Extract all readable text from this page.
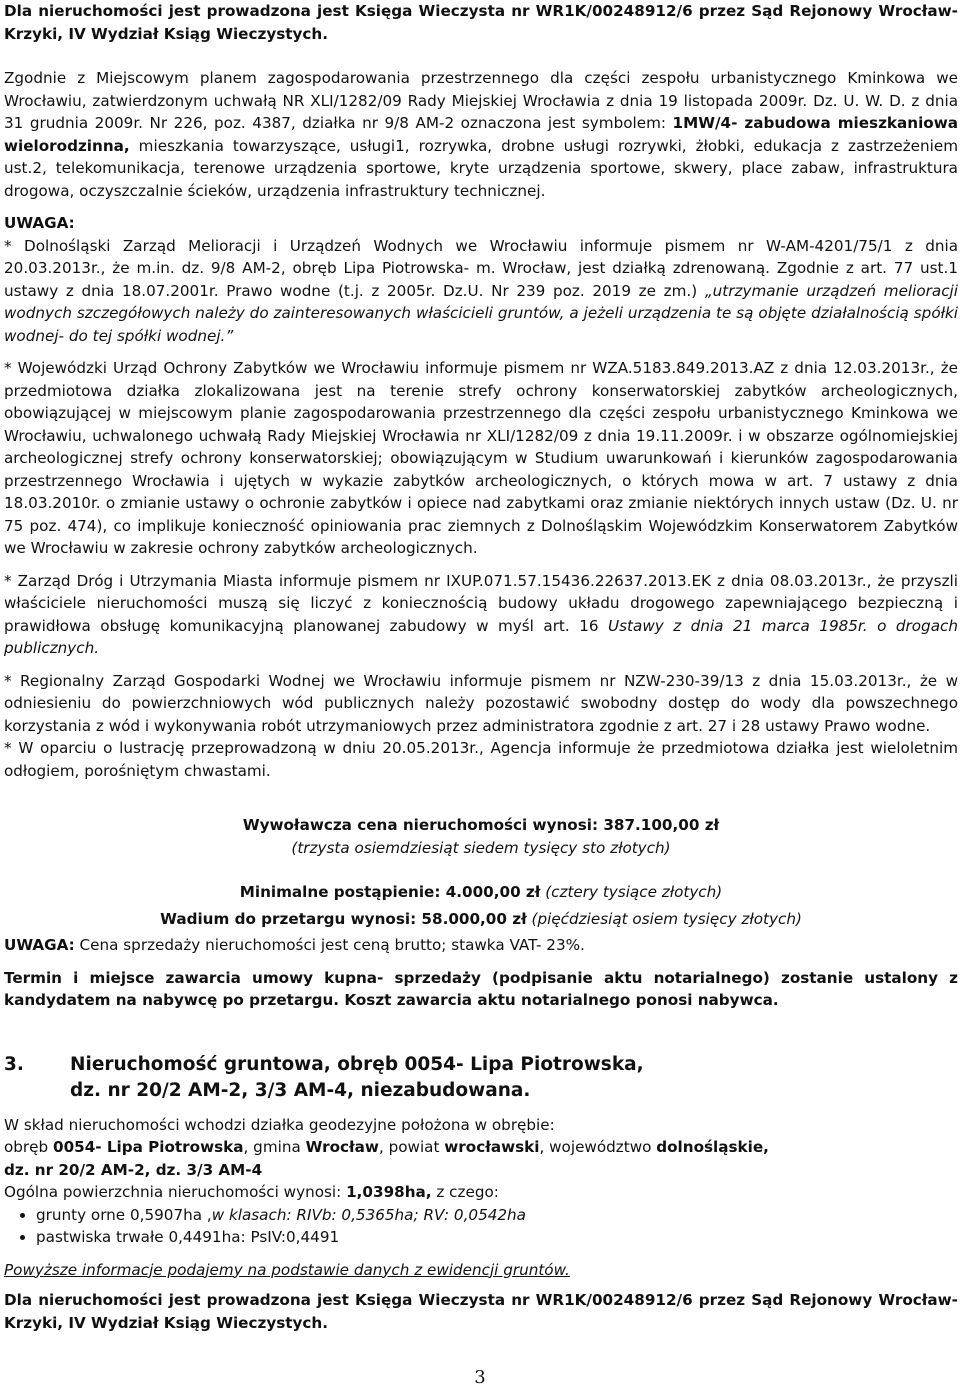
Dla nieruchomości jest prowadzona jest Księga Wieczysta nr WR1K/00248912/6 przez Sąd Rejonowy Wrocław- Krzyki, IV Wydział Ksiąg Wieczystych.

Zgodnie z Miejscowym planem zagospodarowania przestrzennego dla części zespołu urbanistycznego Kminkowa we Wrocławiu, zatwierdzonym uchwałą NR XLI/1282/09 Rady Miejskiej Wrocławia z dnia 19 listopada 2009r. Dz. U. W. D. z dnia 31 grudnia 2009r. Nr 226, poz. 4387, działka nr 9/8 AM-2 oznaczona jest symbolem: 1MW/4- zabudowa mieszkaniowa wielorodzinna, mieszkania towarzyszące, usługi1, rozrywka, drobne usługi rozrywki, żłobki, edukacja z zastrzeżeniem ust.2, telekomunikacja, terenowe urządzenia sportowe, kryte urządzenia sportowe, skwery, place zabaw, infrastruktura drogowa, oczyszczalnie ścieków, urządzenia infrastruktury technicznej.

UWAGA:

* Dolnośląski Zarząd Melioracji i Urządzeń Wodnych we Wrocławiu informuje pismem nr W-AM-4201/75/1 z dnia 20.03.2013r., że m.in. dz. 9/8 AM-2, obręb Lipa Piotrowska- m. Wrocław, jest działką zdrenowaną. Zgodnie z art. 77 ust.1 ustawy z dnia 18.07.2001r. Prawo wodne (t.j. z 2005r. Dz.U. Nr 239 poz. 2019 ze zm.) „utrzymanie urządzeń melioracji wodnych szczegółowych należy do zainteresowanych właścicieli gruntów, a jeżeli urządzenia te są objęte działalnością spółki wodnej- do tej spółki wodnej.”

* Wojewódzki Urząd Ochrony Zabytków we Wrocławiu informuje pismem nr WZA.5183.849.2013.AZ z dnia 12.03.2013r., że przedmiotowa działka zlokalizowana jest na terenie strefy ochrony konserwatorskiej zabytków archeologicznych, obowiązującej w miejscowym planie zagospodarowania przestrzennego dla części zespołu urbanistycznego Kminkowa we Wrocławiu, uchwalonego uchwałą Rady Miejskiej Wrocławia nr XLI/1282/09 z dnia 19.11.2009r. i w obszarze ogólnomiejskiej archeologicznej strefy ochrony konserwatorskiej; obowiązującym w Studium uwarunkowań i kierunków zagospodarowania przestrzennego Wrocławia i ujętych w wykazie zabytków archeologicznych, o których mowa w art. 7 ustawy z dnia 18.03.2010r. o zmianie ustawy o ochronie zabytków i opiece nad zabytkami oraz zmianie niektórych innych ustaw (Dz. U. nr 75 poz. 474), co implikuje konieczność opiniowania prac ziemnych z Dolnośląskim Wojewódzkim Konserwatorem Zabytków we Wrocławiu w zakresie ochrony zabytków archeologicznych.

* Zarząd Dróg i Utrzymania Miasta informuje pismem nr IXUP.071.57.15436.22637.2013.EK z dnia 08.03.2013r., że przyszli właściciele nieruchomości muszą się liczyć z koniecznością budowy układu drogowego zapewniającego bezpieczną i prawidłowa obsługę komunikacyjną planowanej zabudowy w myśl art. 16 Ustawy z dnia 21 marca 1985r. o drogach publicznych.

* Regionalny Zarząd Gospodarki Wodnej we Wrocławiu informuje pismem nr NZW-230-39/13 z dnia 15.03.2013r., że w odniesieniu do powierzchniowych wód publicznych należy pozostawić swobodny dostęp do wody dla powszechnego korzystania z wód i wykonywania robót utrzymaniowych przez administratora zgodnie z art. 27 i 28 ustawy Prawo wodne.

* W oparciu o lustrację przeprowadzoną w dniu 20.05.2013r., Agencja informuje że przedmiotowa działka jest wieloletnim odłogiem, porośniętym chwastami.

Wywoławcza cena nieruchomości wynosi: 387.100,00 zł

(trzysta osiemdziesiąt siedem tysięcy sto złotych)

Minimalne postąpienie: 4.000,00 zł (cztery tysiące złotych)

Wadium do przetargu wynosi: 58.000,00 zł (pięćdziesiąt osiem tysięcy złotych)

UWAGA: Cena sprzedaży nieruchomości jest ceną brutto; stawka VAT- 23%.

Termin i miejsce zawarcia umowy kupna- sprzedaży (podpisanie aktu notarialnego) zostanie ustalony z kandydatem na nabywcę po przetargu. Koszt zawarcia aktu notarialnego ponosi nabywca.

3.	Nieruchomość gruntowa, obręb 0054- Lipa Piotrowska,
dz. nr 20/2 AM-2, 3/3 AM-4, niezabudowana.

W skład nieruchomości wchodzi działka geodezyjne położona w obrębie:

obręb 0054- Lipa Piotrowska, gmina Wrocław, powiat wrocławski, województwo dolnośląskie,

dz. nr 20/2 AM-2, dz. 3/3 AM-4

Ogólna powierzchnia nieruchomości wynosi: 1,0398ha, z czego:

• grunty orne 0,5907ha ,w klasach: RIVb: 0,5365ha; RV: 0,0542ha
• pastwiska trwałe 0,4491ha: PsIV:0,4491

Powyższe informacje podajemy na podstawie danych z ewidencji gruntów.

Dla nieruchomości jest prowadzona jest Księga Wieczysta nr WR1K/00248912/6 przez Sąd Rejonowy Wrocław- Krzyki, IV Wydział Ksiąg Wieczystych.

3
